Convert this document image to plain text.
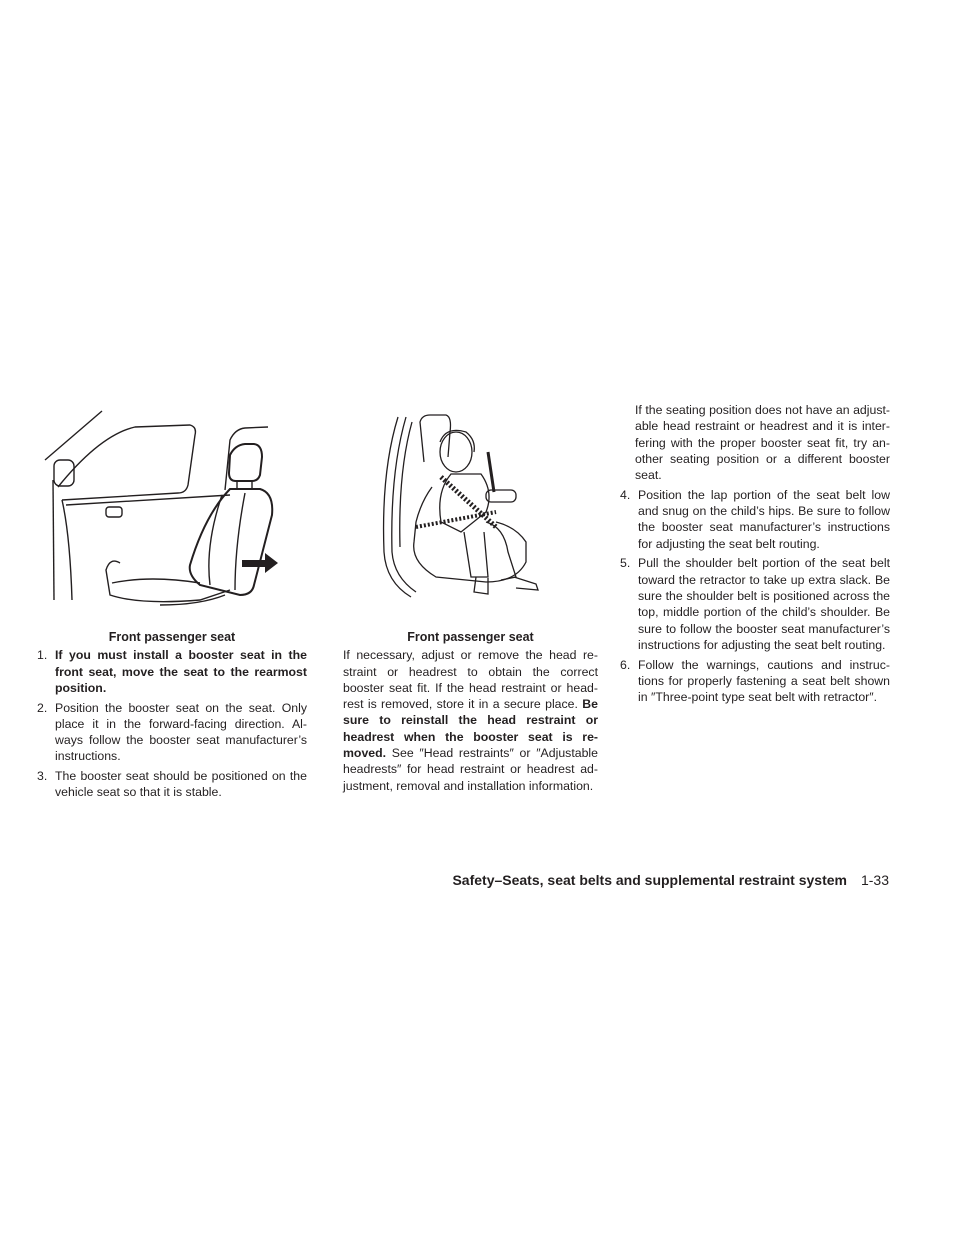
Front passenger seat
1. If you must install a booster seat in the
front seat, move the seat to the rearmost
position.
2. Position the booster seat on the seat. Only
place it in the forward-facing direction. Al-
ways follow the booster seat manufacturer’s
instructions.
3. The booster seat should be positioned on the
vehicle seat so that it is stable.
Front passenger seat
If necessary, adjust or remove the head re-
straint or headrest to obtain the correct
booster seat fit. If the head restraint or head-
rest is removed, store it in a secure place. Be
sure to reinstall the head restraint or
headrest when the booster seat is re-
moved. See ″Head restraints″ or ″Adjustable
headrests″ for head restraint or headrest ad-
justment, removal and installation information.
If the seating position does not have an adjust-
able head restraint or headrest and it is inter-
fering with the proper booster seat fit, try an-
other seating position or a different booster
seat.
4. Position the lap portion of the seat belt low
and snug on the child’s hips. Be sure to follow
the booster seat manufacturer’s instructions
for adjusting the seat belt routing.
5. Pull the shoulder belt portion of the seat belt
toward the retractor to take up extra slack. Be
sure the shoulder belt is positioned across the
top, middle portion of the child’s shoulder. Be
sure to follow the booster seat manufacturer’s
instructions for adjusting the seat belt routing.
6. Follow the warnings, cautions and instruc-
tions for properly fastening a seat belt shown
in ″Three-point type seat belt with retractor″.
Safety–Seats, seat belts and supplemental restraint system 1-33
